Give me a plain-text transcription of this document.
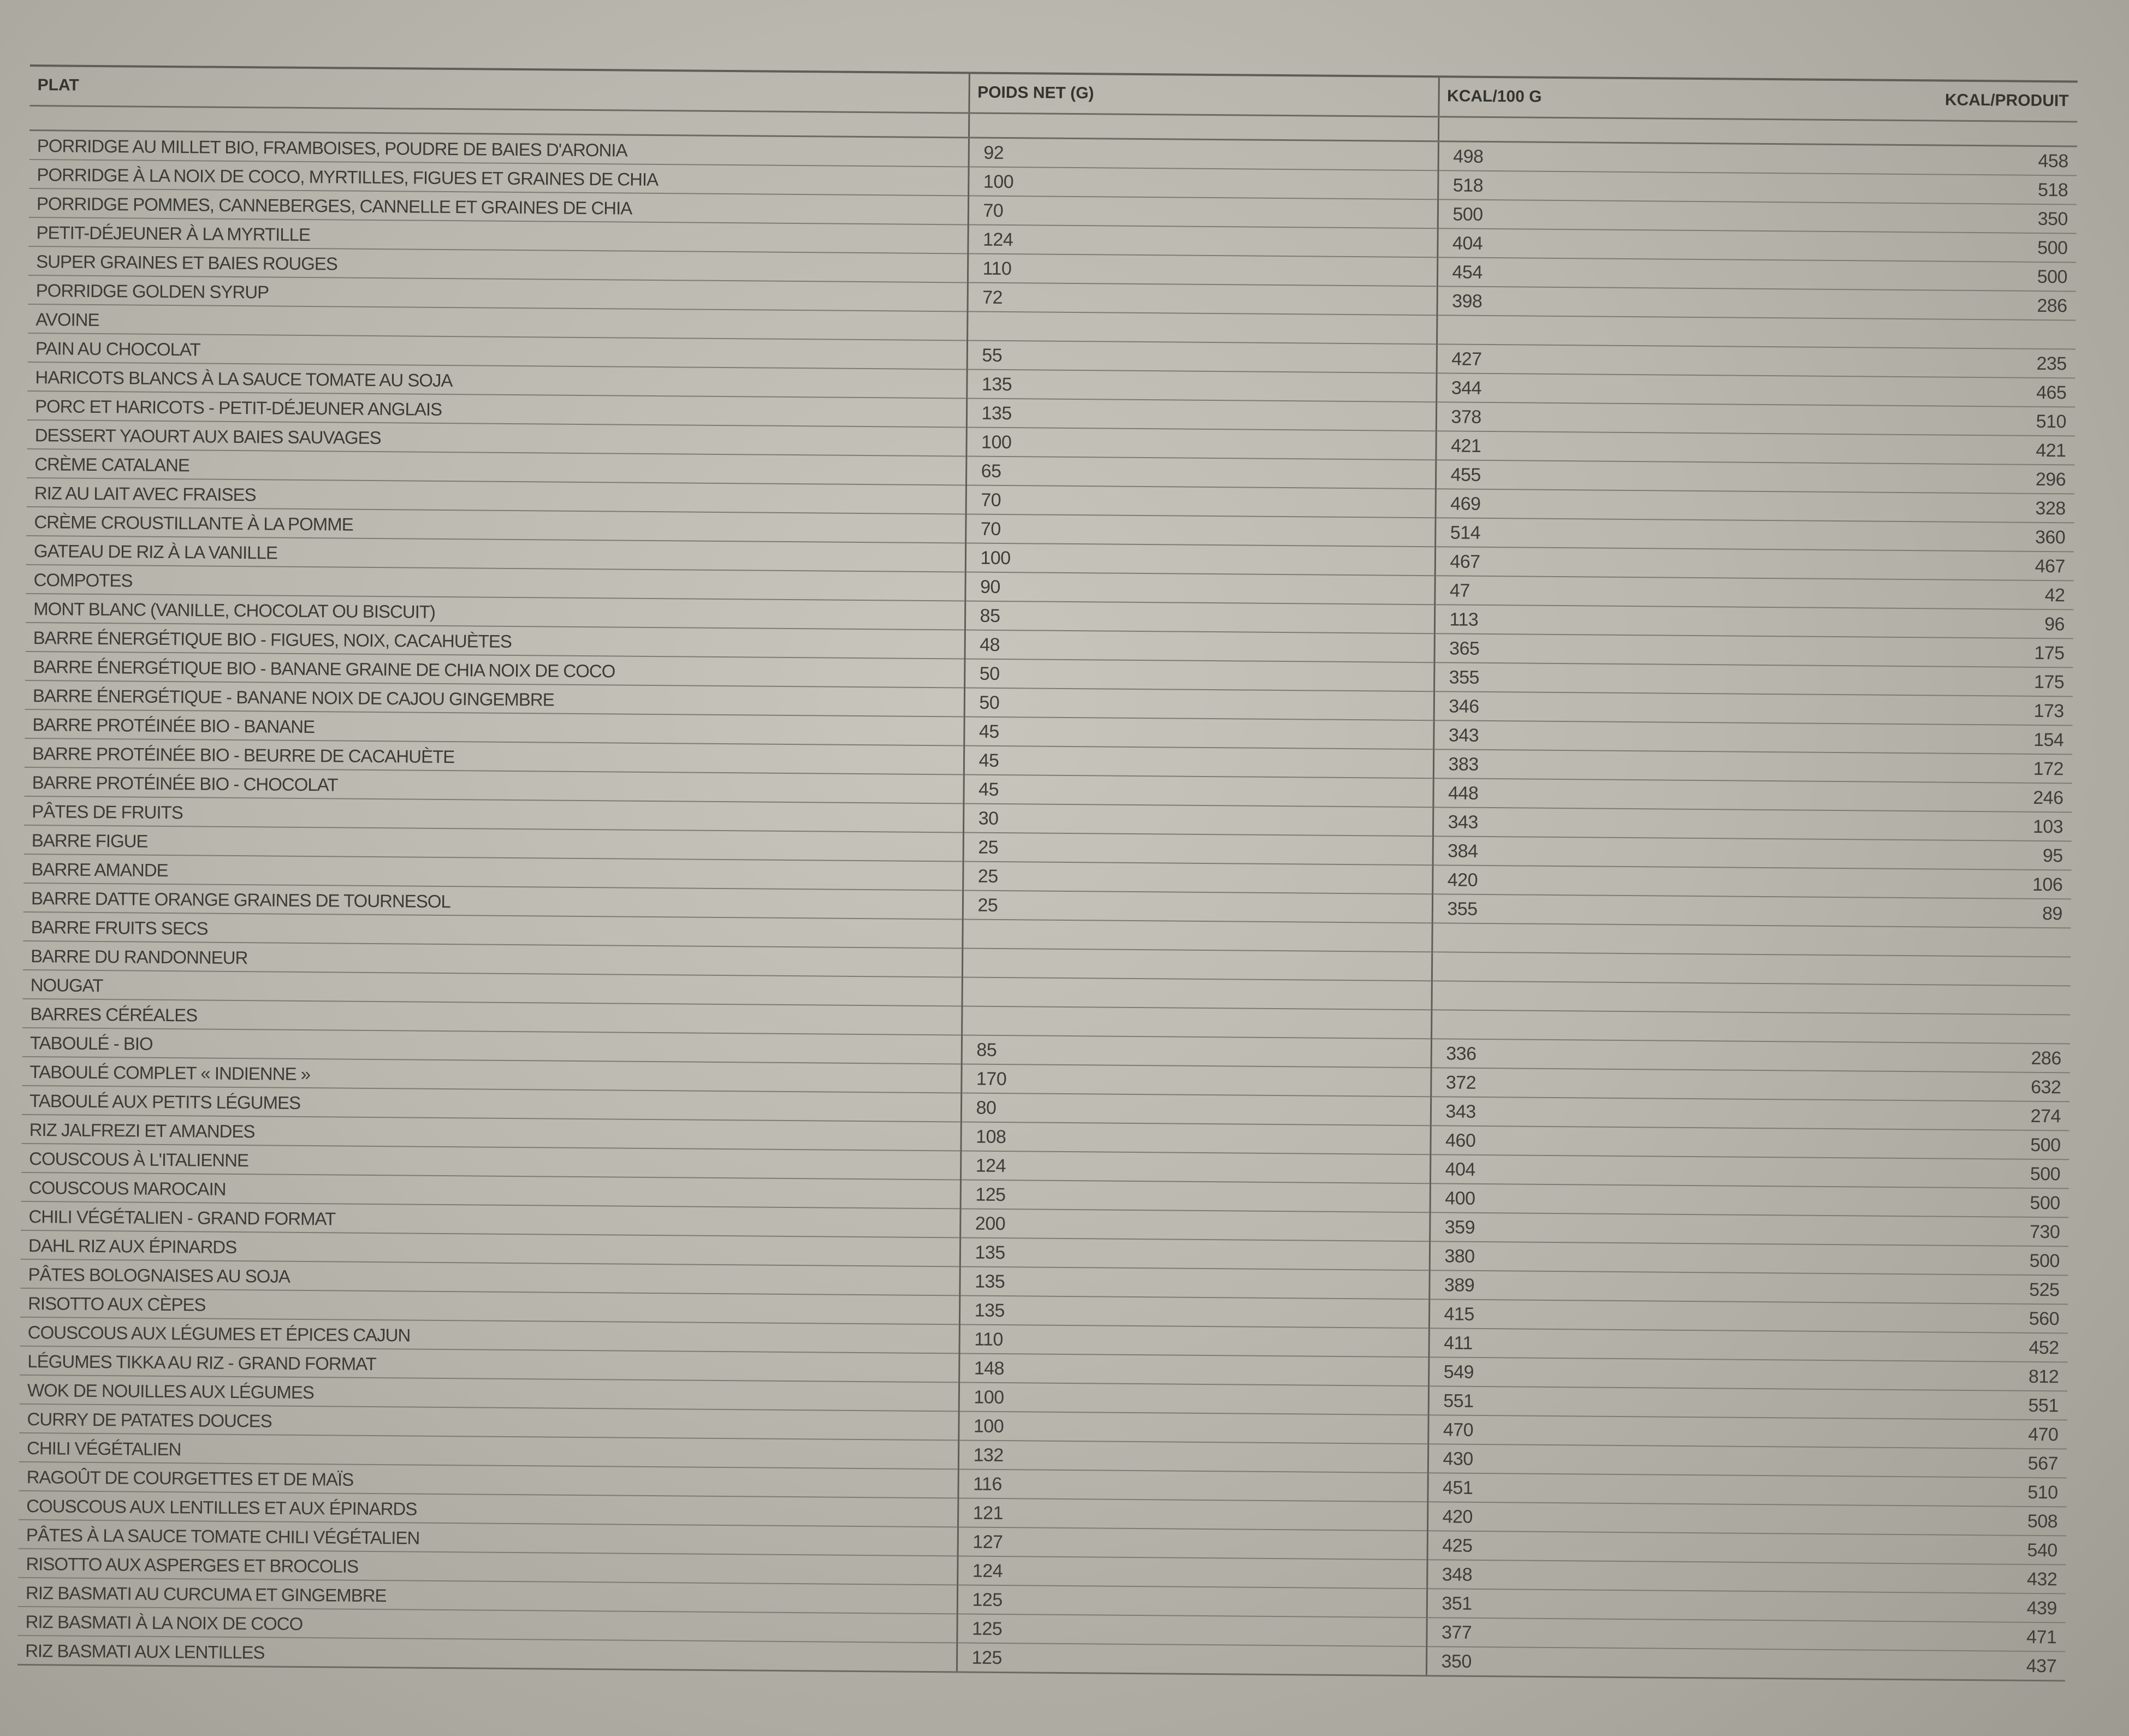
PLAT	POIDS NET (G)	KCAL/100 G	KCAL/PRODUIT

PORRIDGE AU MILLET BIO, FRAMBOISES, POUDRE DE BAIES D'ARONIA	92	498	458
PORRIDGE À LA NOIX DE COCO, MYRTILLES, FIGUES ET GRAINES DE CHIA	100	518	518
PORRIDGE POMMES, CANNEBERGES, CANNELLE ET GRAINES DE CHIA	70	500	350
PETIT-DÉJEUNER À LA MYRTILLE	124	404	500
SUPER GRAINES ET BAIES ROUGES	110	454	500
PORRIDGE GOLDEN SYRUP	72	398	286
AVOINE			
PAIN AU CHOCOLAT	55	427	235
HARICOTS BLANCS À LA SAUCE TOMATE AU SOJA	135	344	465
PORC ET HARICOTS - PETIT-DÉJEUNER ANGLAIS	135	378	510
DESSERT YAOURT AUX BAIES SAUVAGES	100	421	421
CRÈME CATALANE	65	455	296
RIZ AU LAIT AVEC FRAISES	70	469	328
CRÈME CROUSTILLANTE À LA POMME	70	514	360
GATEAU DE RIZ À LA VANILLE	100	467	467
COMPOTES	90	47	42
MONT BLANC (VANILLE, CHOCOLAT OU BISCUIT)	85	113	96
BARRE ÉNERGÉTIQUE BIO - FIGUES, NOIX, CACAHUÈTES	48	365	175
BARRE ÉNERGÉTIQUE BIO - BANANE GRAINE DE CHIA NOIX DE COCO	50	355	175
BARRE ÉNERGÉTIQUE - BANANE NOIX DE CAJOU GINGEMBRE	50	346	173
BARRE PROTÉINÉE BIO - BANANE	45	343	154
BARRE PROTÉINÉE BIO - BEURRE DE CACAHUÈTE	45	383	172
BARRE PROTÉINÉE BIO - CHOCOLAT	45	448	246
PÂTES DE FRUITS	30	343	103
BARRE FIGUE	25	384	95
BARRE AMANDE	25	420	106
BARRE DATTE ORANGE GRAINES DE TOURNESOL	25	355	89
BARRE FRUITS SECS			
BARRE DU RANDONNEUR			
NOUGAT			
BARRES CÉRÉALES			
TABOULÉ - BIO	85	336	286
TABOULÉ COMPLET « INDIENNE »	170	372	632
TABOULÉ AUX PETITS LÉGUMES	80	343	274
RIZ JALFREZI ET AMANDES	108	460	500
COUSCOUS À L'ITALIENNE	124	404	500
COUSCOUS MAROCAIN	125	400	500
CHILI VÉGÉTALIEN - GRAND FORMAT	200	359	730
DAHL RIZ AUX ÉPINARDS	135	380	500
PÂTES BOLOGNAISES AU SOJA	135	389	525
RISOTTO AUX CÈPES	135	415	560
COUSCOUS AUX LÉGUMES ET ÉPICES CAJUN	110	411	452
LÉGUMES TIKKA AU RIZ - GRAND FORMAT	148	549	812
WOK DE NOUILLES AUX LÉGUMES	100	551	551
CURRY DE PATATES DOUCES	100	470	470
CHILI VÉGÉTALIEN	132	430	567
RAGOÛT DE COURGETTES ET DE MAÏS	116	451	510
COUSCOUS AUX LENTILLES ET AUX ÉPINARDS	121	420	508
PÂTES À LA SAUCE TOMATE CHILI VÉGÉTALIEN	127	425	540
RISOTTO AUX ASPERGES ET BROCOLIS	124	348	432
RIZ BASMATI AU CURCUMA ET GINGEMBRE	125	351	439
RIZ BASMATI À LA NOIX DE COCO	125	377	471
RIZ BASMATI AUX LENTILLES	125	350	437
